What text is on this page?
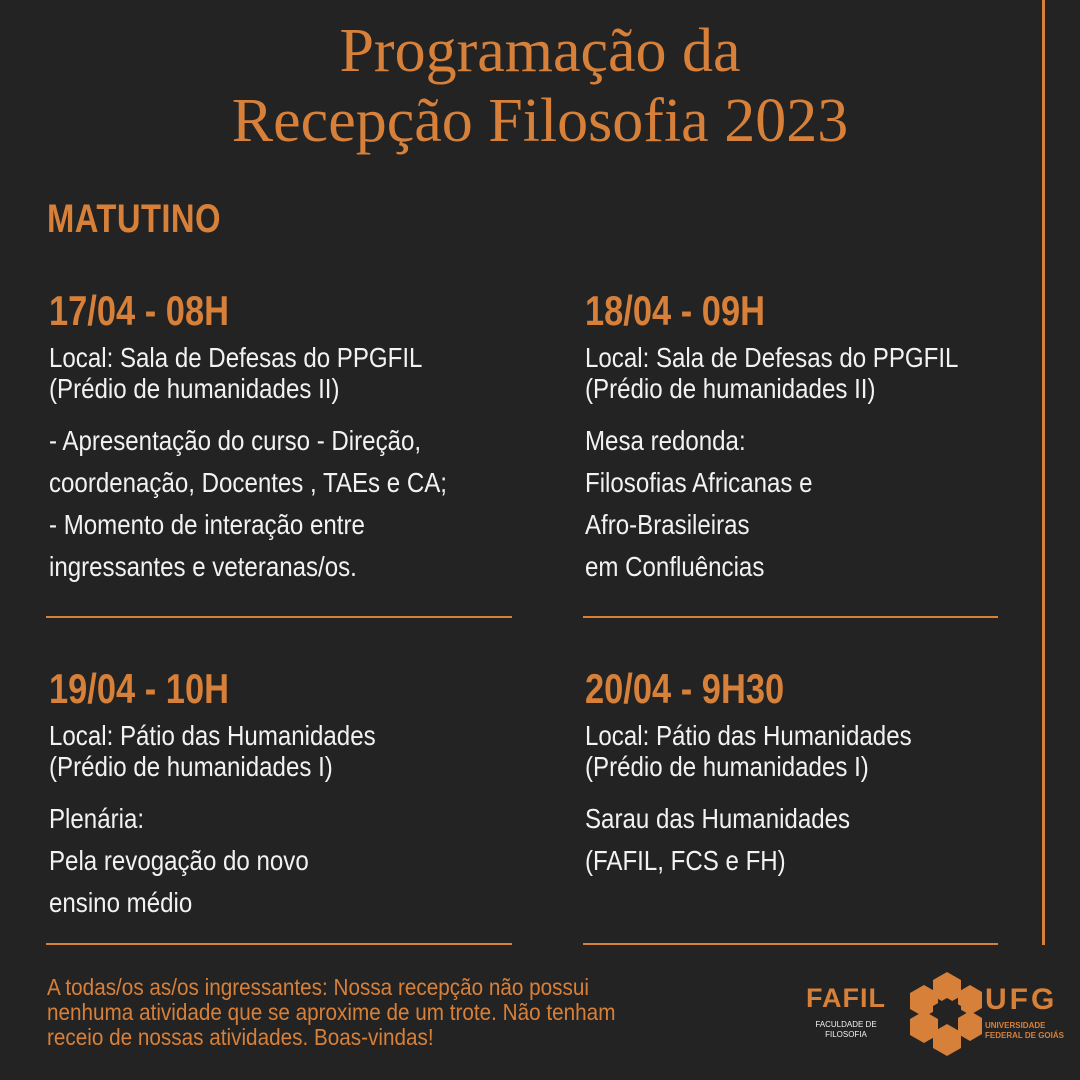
Programação da
Recepção Filosofia 2023
MATUTINO
17/04 - 08H
Local: Sala de Defesas do PPGFIL
(Prédio de humanidades II)
- Apresentação do curso - Direção,
coordenação, Docentes , TAEs e CA;
- Momento de interação entre
ingressantes e veteranas/os.
18/04 - 09H
Local: Sala de Defesas do PPGFIL
(Prédio de humanidades II)
Mesa redonda:
Filosofias Africanas e
Afro-Brasileiras
em Confluências
19/04 - 10H
Local: Pátio das Humanidades
(Prédio de humanidades I)
Plenária:
Pela revogação do novo
ensino médio
20/04 - 9H30
Local: Pátio das Humanidades
(Prédio de humanidades I)
Sarau das Humanidades
(FAFIL, FCS e FH)
A todas/os as/os ingressantes: Nossa recepção não possui
nenhuma atividade que se aproxime de um trote. Não tenham
receio de nossas atividades. Boas-vindas!
FAFIL
FACULDADE DE
FILOSOFIA
UFG
UNIVERSIDADE
FEDERAL DE GOIÁS
